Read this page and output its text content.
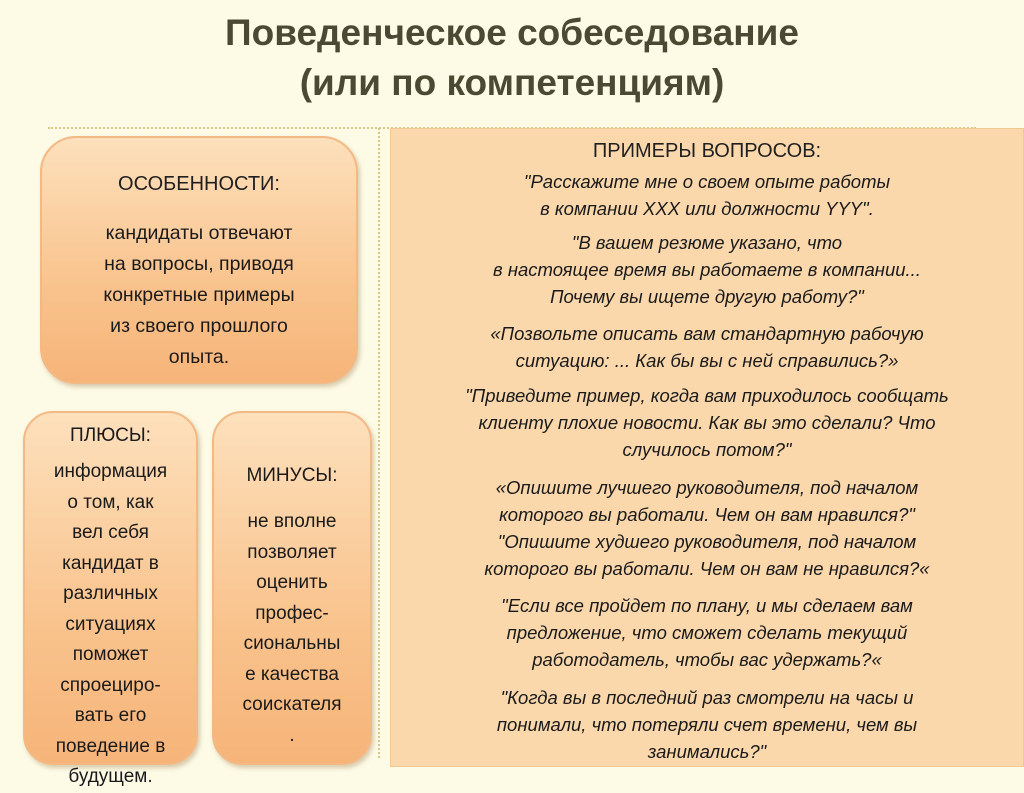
Поведенческое собеседование
(или по компетенциям)
ОСОБЕННОСТИ:
кандидаты отвечают
на вопросы, приводя
конкретные примеры
из своего прошлого
опыта.
ПЛЮСЫ:
информация
о том, как
вел себя
кандидат в
различных
ситуациях
поможет
спроециро-
вать его
поведение в
будущем.
МИНУСЫ:
не вполне
позволяет
оценить
профес-
сиональны
е качества
соискателя
.
ПРИМЕРЫ ВОПРОСОВ:
"Расскажите мне о своем опыте работы
в компании XXX или должности YYY".
"В вашем резюме указано, что
в настоящее время вы работаете в компании...
Почему вы ищете другую работу?"
«Позвольте описать вам стандартную рабочую
ситуацию: ... Как бы вы с ней справились?»
"Приведите пример, когда вам приходилось сообщать
клиенту плохие новости. Как вы это сделали? Что
случилось потом?"
«Опишите лучшего руководителя, под началом
которого вы работали. Чем он вам нравился?"
"Опишите худшего руководителя, под началом
которого вы работали. Чем он вам не нравился?«
"Если все пройдет по плану, и мы сделаем вам
предложение, что сможет сделать текущий
работодатель, чтобы вас удержать?«
"Когда вы в последний раз смотрели на часы и
понимали, что потеряли счет времени, чем вы
занимались?"
